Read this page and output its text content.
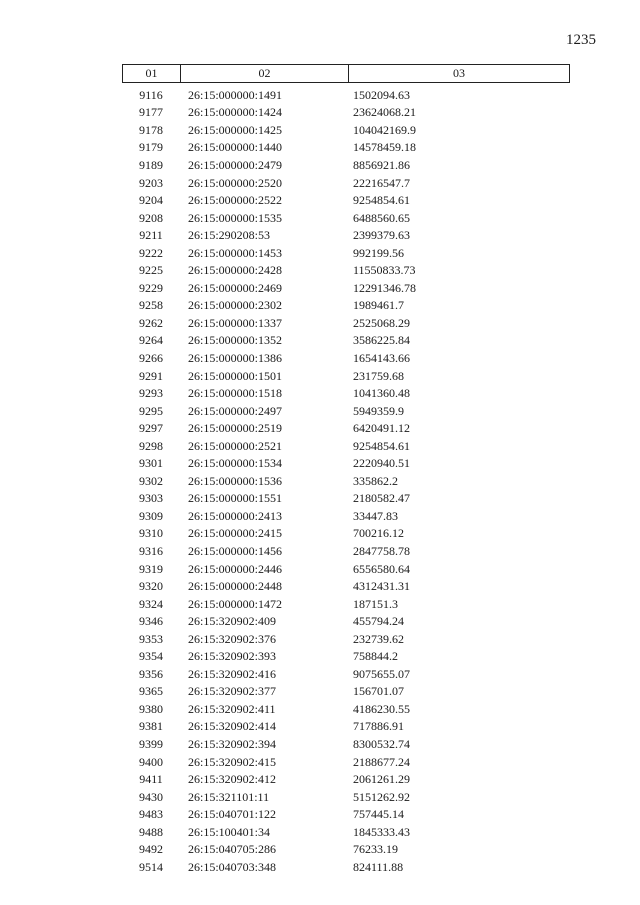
1235
01	02	03
9116	26:15:000000:1491	1502094.63
9177	26:15:000000:1424	23624068.21
9178	26:15:000000:1425	104042169.9
9179	26:15:000000:1440	14578459.18
9189	26:15:000000:2479	8856921.86
9203	26:15:000000:2520	22216547.7
9204	26:15:000000:2522	9254854.61
9208	26:15:000000:1535	6488560.65
9211	26:15:290208:53	2399379.63
9222	26:15:000000:1453	992199.56
9225	26:15:000000:2428	11550833.73
9229	26:15:000000:2469	12291346.78
9258	26:15:000000:2302	1989461.7
9262	26:15:000000:1337	2525068.29
9264	26:15:000000:1352	3586225.84
9266	26:15:000000:1386	1654143.66
9291	26:15:000000:1501	231759.68
9293	26:15:000000:1518	1041360.48
9295	26:15:000000:2497	5949359.9
9297	26:15:000000:2519	6420491.12
9298	26:15:000000:2521	9254854.61
9301	26:15:000000:1534	2220940.51
9302	26:15:000000:1536	335862.2
9303	26:15:000000:1551	2180582.47
9309	26:15:000000:2413	33447.83
9310	26:15:000000:2415	700216.12
9316	26:15:000000:1456	2847758.78
9319	26:15:000000:2446	6556580.64
9320	26:15:000000:2448	4312431.31
9324	26:15:000000:1472	187151.3
9346	26:15:320902:409	455794.24
9353	26:15:320902:376	232739.62
9354	26:15:320902:393	758844.2
9356	26:15:320902:416	9075655.07
9365	26:15:320902:377	156701.07
9380	26:15:320902:411	4186230.55
9381	26:15:320902:414	717886.91
9399	26:15:320902:394	8300532.74
9400	26:15:320902:415	2188677.24
9411	26:15:320902:412	2061261.29
9430	26:15:321101:11	5151262.92
9483	26:15:040701:122	757445.14
9488	26:15:100401:34	1845333.43
9492	26:15:040705:286	76233.19
9514	26:15:040703:348	824111.88
